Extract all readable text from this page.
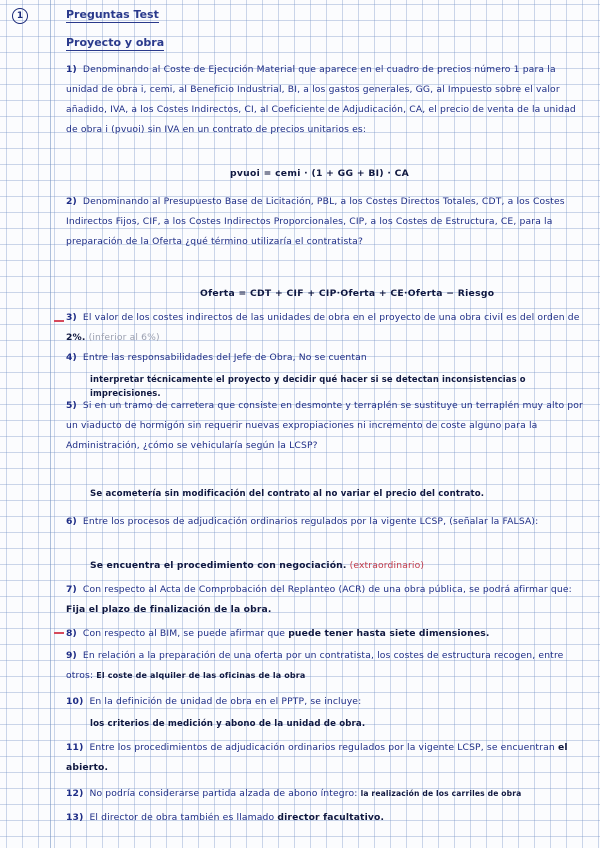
1	Preguntas Test
Proyecto y obra
1) Denominando al Coste de Ejecución Material que aparece en el cuadro de precios número 1 para la unidad de obra i, cemi, al Beneficio Industrial, BI, a los gastos generales, GG, al Impuesto sobre el valor añadido, IVA, a los Costes Indirectos, CI, al Coeficiente de Adjudicación, CA, el precio de venta de la unidad de obra i (pvuoi) sin IVA en un contrato de precios unitarios es:
pvuoi = cemi · (1 + GG + BI) · CA
2) Denominando al Presupuesto Base de Licitación, PBL, a los Costes Directos Totales, CDT, a los Costes Indirectos Fijos, CIF, a los Costes Indirectos Proporcionales, CIP, a los Costes de Estructura, CE, para la preparación de la Oferta ¿qué término utilizaría el contratista?
Oferta = CDT + CIF + CIP·Oferta + CE·Oferta − Riesgo
3) El valor de los costes indirectos de las unidades de obra en el proyecto de una obra civil es del orden de 2%. (inferior al 6%)
4) Entre las responsabilidades del Jefe de Obra, No se cuentan
interpretar técnicamente el proyecto y decidir qué hacer si se detectan inconsistencias o imprecisiones.
5) Si en un tramo de carretera que consiste en desmonte y terraplén se sustituye un terraplén muy alto por un viaducto de hormigón sin requerir nuevas expropiaciones ni incremento de coste alguno para la Administración, ¿cómo se vehicularía según la LCSP?
Se acometería sin modificación del contrato al no variar el precio del contrato.
6) Entre los procesos de adjudicación ordinarios regulados por la vigente LCSP, (señalar la FALSA):
Se encuentra el procedimiento con negociación. (extraordinario)
7) Con respecto al Acta de Comprobación del Replanteo (ACR) de una obra pública, se podrá afirmar que: Fija el plazo de finalización de la obra.
8) Con respecto al BIM, se puede afirmar que puede tener hasta siete dimensiones.
9) En relación a la preparación de una oferta por un contratista, los costes de estructura recogen, entre otros: El coste de alquiler de las oficinas de la obra
10) En la definición de unidad de obra en el PPTP, se incluye:
los criterios de medición y abono de la unidad de obra.
11) Entre los procedimientos de adjudicación ordinarios regulados por la vigente LCSP, se encuentran el abierto.
12) No podría considerarse partida alzada de abono íntegro: la realización de los carriles de obra
13) El director de obra también es llamado director facultativo.
